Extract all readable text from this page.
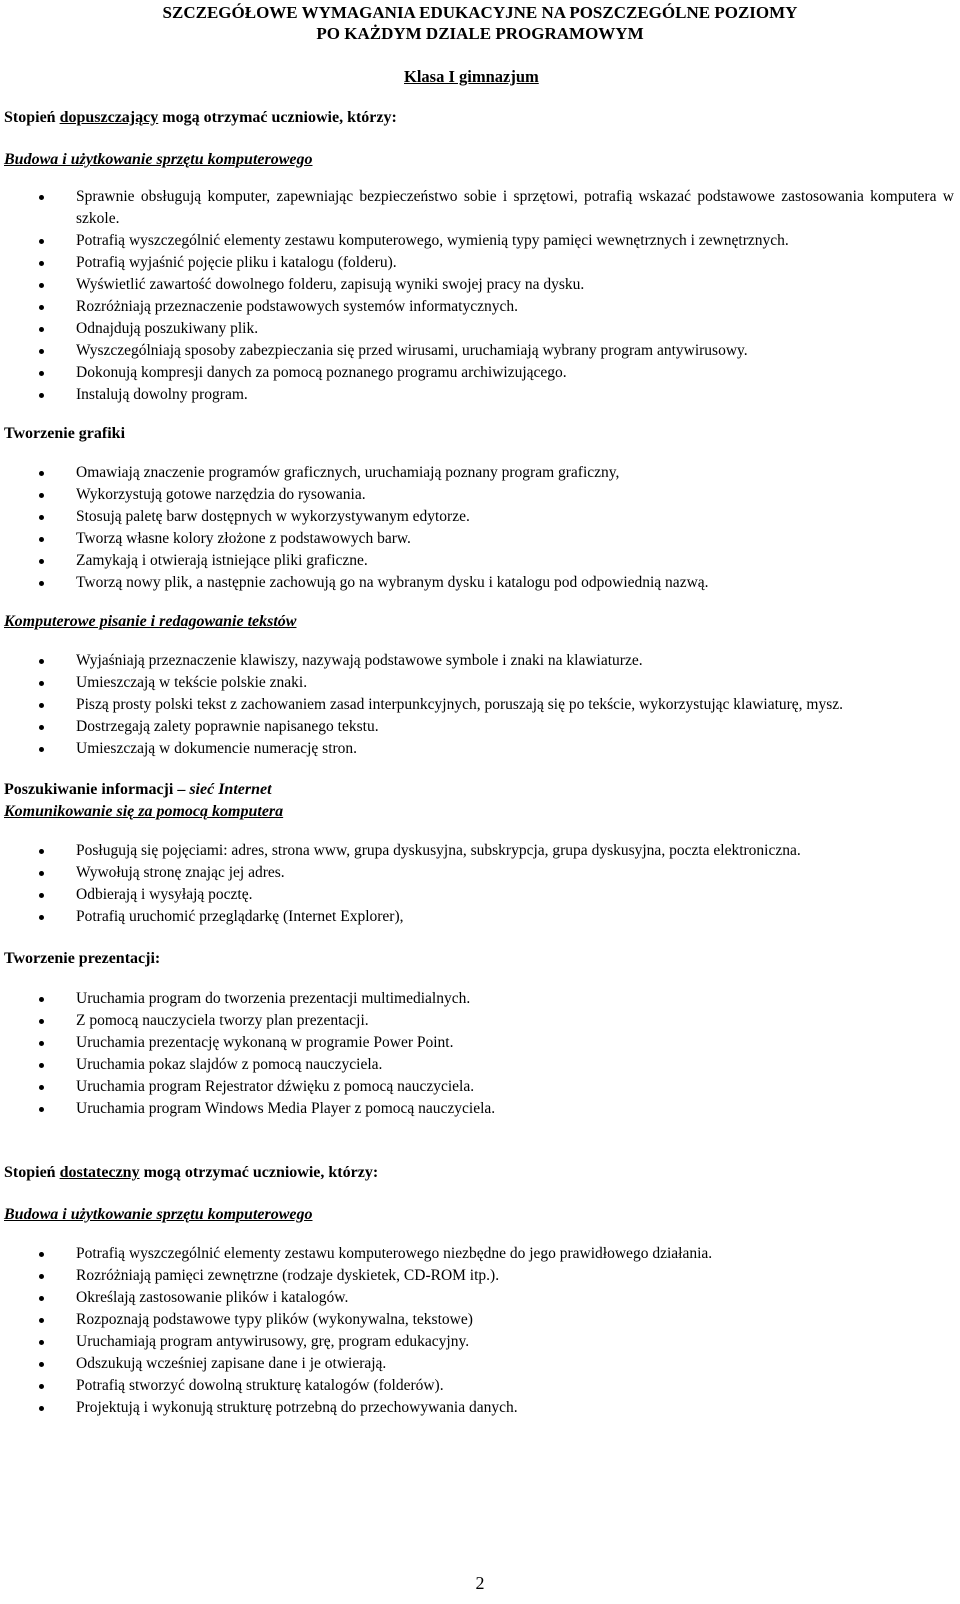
SZCZEGÓŁOWE WYMAGANIA EDUKACYJNE NA POSZCZEGÓLNE POZIOMY
PO KAŻDYM DZIALE PROGRAMOWYM
Klasa I gimnazjum

Stopień dopuszczający mogą otrzymać uczniowie, którzy:

Budowa i użytkowanie sprzętu komputerowego

Sprawnie obsługują komputer, zapewniając bezpieczeństwo sobie i sprzętowi, potrafią wskazać podstawowe zastosowania komputera w szkole.
Potrafią wyszczególnić elementy zestawu komputerowego, wymienią typy pamięci wewnętrznych i zewnętrznych.
Potrafią wyjaśnić pojęcie pliku i katalogu (folderu).
Wyświetlić zawartość dowolnego folderu, zapisują wyniki swojej pracy na dysku.
Rozróżniają przeznaczenie podstawowych systemów informatycznych.
Odnajdują poszukiwany plik.
Wyszczególniają sposoby zabezpieczania się przed wirusami, uruchamiają wybrany program antywirusowy.
Dokonują kompresji danych za pomocą poznanego programu archiwizującego.
Instalują dowolny program.

Tworzenie grafiki

Omawiają znaczenie programów graficznych, uruchamiają poznany program graficzny,
Wykorzystują gotowe narzędzia do rysowania.
Stosują paletę barw dostępnych w wykorzystywanym edytorze.
Tworzą własne kolory złożone z podstawowych barw.
Zamykają i otwierają istniejące pliki graficzne.
Tworzą nowy plik, a następnie zachowują go na wybranym dysku i katalogu pod odpowiednią nazwą.

Komputerowe pisanie i redagowanie tekstów

Wyjaśniają przeznaczenie klawiszy, nazywają podstawowe symbole i znaki na klawiaturze.
Umieszczają w tekście polskie znaki.
Piszą prosty polski tekst z zachowaniem zasad interpunkcyjnych, poruszają się po tekście, wykorzystując klawiaturę, mysz.
Dostrzegają zalety poprawnie napisanego tekstu.
Umieszczają w dokumencie numerację stron.

Poszukiwanie informacji – sieć Internet

Komunikowanie się za pomocą komputera

Posługują się pojęciami: adres, strona www, grupa dyskusyjna, subskrypcja, grupa dyskusyjna, poczta elektroniczna.
Wywołują stronę znając jej adres.
Odbierają i wysyłają pocztę.
Potrafią uruchomić przeglądarkę (Internet Explorer),

Tworzenie prezentacji:

Uruchamia program do tworzenia prezentacji multimedialnych.
Z pomocą nauczyciela tworzy plan prezentacji.
Uruchamia prezentację wykonaną w programie Power Point.
Uruchamia pokaz slajdów z pomocą nauczyciela.
Uruchamia program Rejestrator dźwięku z pomocą nauczyciela.
Uruchamia program Windows Media Player z pomocą nauczyciela.

Stopień dostateczny mogą otrzymać uczniowie, którzy:

Budowa i użytkowanie sprzętu komputerowego

Potrafią wyszczególnić elementy zestawu komputerowego niezbędne do jego prawidłowego działania.
Rozróżniają pamięci zewnętrzne (rodzaje dyskietek, CD-ROM itp.).
Określają zastosowanie plików i katalogów.
Rozpoznają podstawowe typy plików (wykonywalna, tekstowe)
Uruchamiają program antywirusowy, grę, program edukacyjny.
Odszukują wcześniej zapisane dane i je otwierają.
Potrafią stworzyć dowolną strukturę katalogów (folderów).
Projektują i wykonują strukturę potrzebną do przechowywania danych.
2
